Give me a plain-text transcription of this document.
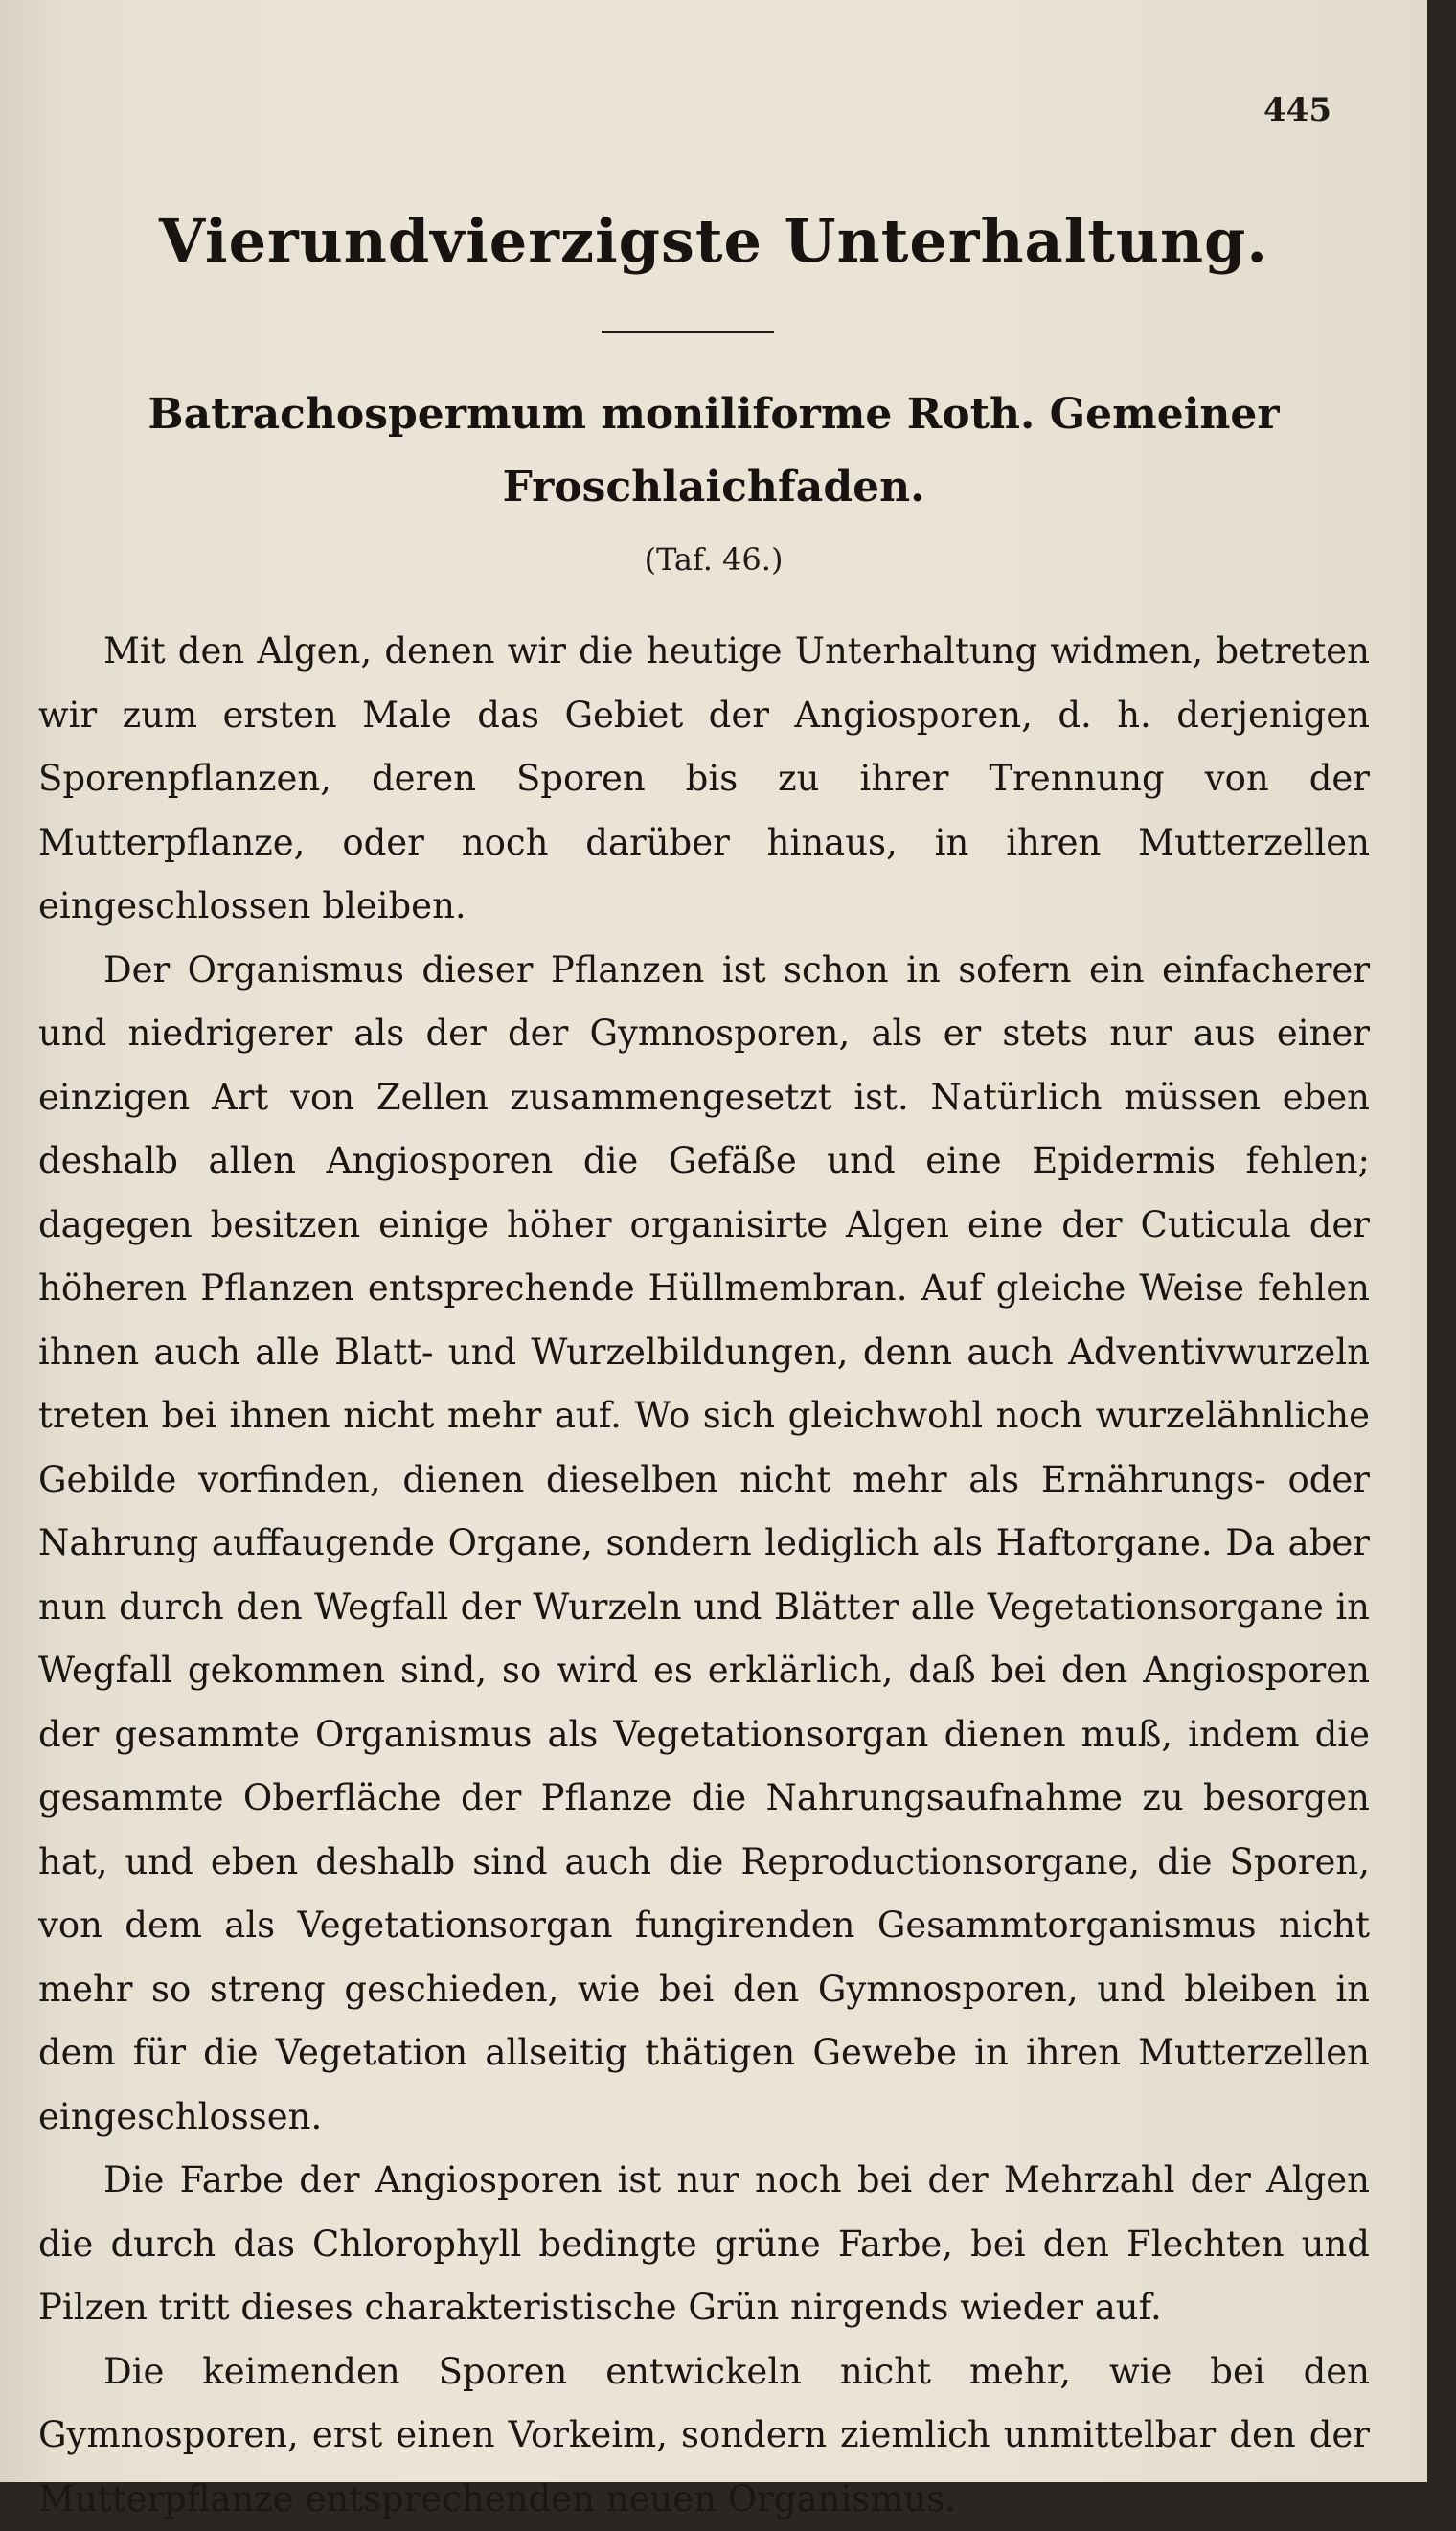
445
Vierundvierzigste Unterhaltung.
Batrachospermum moniliforme Roth. Gemeiner Froschlaichfaden.
(Taf. 46.)

Mit den Algen, denen wir die heutige Unterhaltung widmen, betreten wir zum ersten Male das Gebiet der Angiosporen, d. h. derjenigen Sporenpflanzen, deren Sporen bis zu ihrer Trennung von der Mutterpflanze, oder noch darüber hinaus, in ihren Mutterzellen eingeschlossen bleiben.

Der Organismus dieser Pflanzen ist schon in sofern ein einfacherer und niedrigerer als der der Gymnosporen, als er stets nur aus einer einzigen Art von Zellen zusammengesetzt ist. Natürlich müssen eben deshalb allen Angiosporen die Gefäße und eine Epidermis fehlen; dagegen besitzen einige höher organisirte Algen eine der Cuticula der höheren Pflanzen entsprechende Hüllmembran. Auf gleiche Weise fehlen ihnen auch alle Blatt- und Wurzelbildungen, denn auch Adventivwurzeln treten bei ihnen nicht mehr auf. Wo sich gleichwohl noch wurzelähnliche Gebilde vorfinden, dienen dieselben nicht mehr als Ernährungs- oder Nahrung auffaugende Organe, sondern lediglich als Haftorgane. Da aber nun durch den Wegfall der Wurzeln und Blätter alle Vegetationsorgane in Wegfall gekommen sind, so wird es erklärlich, daß bei den Angiosporen der gesammte Organismus als Vegetationsorgan dienen muß, indem die gesammte Oberfläche der Pflanze die Nahrungsaufnahme zu besorgen hat, und eben deshalb sind auch die Reproductionsorgane, die Sporen, von dem als Vegetationsorgan fungirenden Gesammtorganismus nicht mehr so streng geschieden, wie bei den Gymnosporen, und bleiben in dem für die Vegetation allseitig thätigen Gewebe in ihren Mutterzellen eingeschlossen.

Die Farbe der Angiosporen ist nur noch bei der Mehrzahl der Algen die durch das Chlorophyll bedingte grüne Farbe, bei den Flechten und Pilzen tritt dieses charakteristische Grün nirgends wieder auf.

Die keimenden Sporen entwickeln nicht mehr, wie bei den Gymnosporen, erst einen Vorkeim, sondern ziemlich unmittelbar den der Mutterpflanze entsprechenden neuen Organismus.
